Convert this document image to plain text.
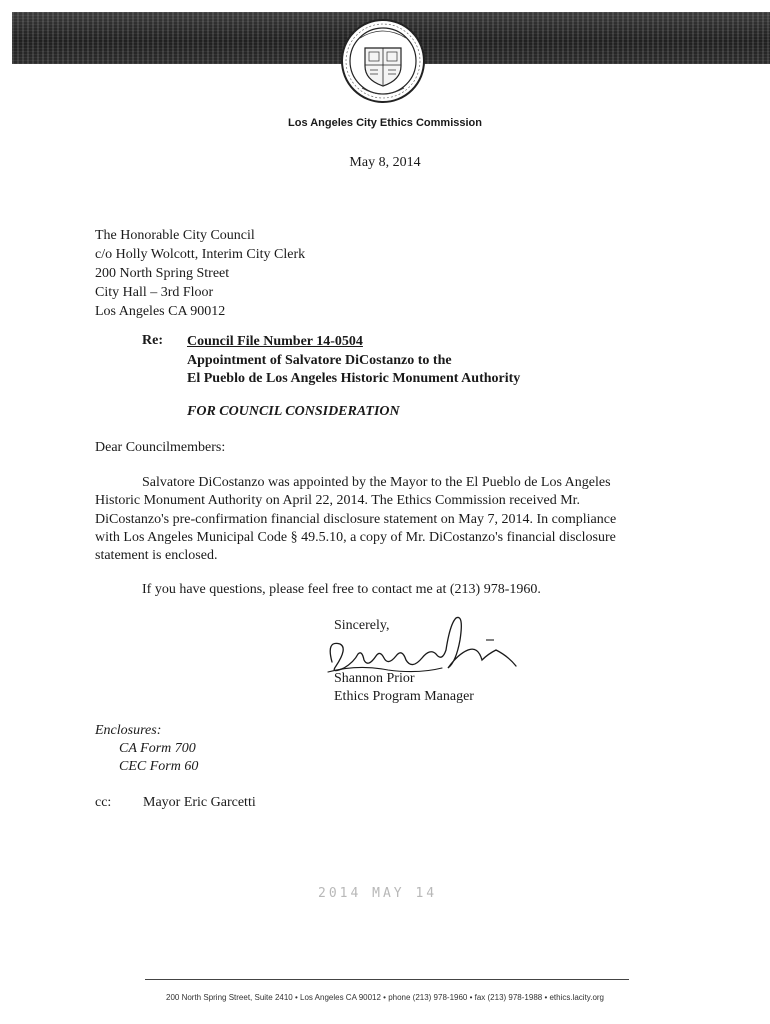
Los Angeles City Ethics Commission
May 8, 2014
The Honorable City Council
c/o Holly Wolcott, Interim City Clerk
200 North Spring Street
City Hall – 3rd Floor
Los Angeles CA 90012
Re: Council File Number 14-0504
Appointment of Salvatore DiCostanzo to the
El Pueblo de Los Angeles Historic Monument Authority
FOR COUNCIL CONSIDERATION
Dear Councilmembers:
Salvatore DiCostanzo was appointed by the Mayor to the El Pueblo de Los Angeles
Historic Monument Authority on April 22, 2014. The Ethics Commission received Mr.
DiCostanzo's pre-confirmation financial disclosure statement on May 7, 2014. In compliance
with Los Angeles Municipal Code § 49.5.10, a copy of Mr. DiCostanzo's financial disclosure
statement is enclosed.
If you have questions, please feel free to contact me at (213) 978-1960.
Sincerely,
Shannon Prior
Ethics Program Manager
Enclosures:
CA Form 700
CEC Form 60
cc: Mayor Eric Garcetti
2014 MAY 14
200 North Spring Street, Suite 2410 • Los Angeles CA 90012 • phone (213) 978-1960 • fax (213) 978-1988 • ethics.lacity.org
